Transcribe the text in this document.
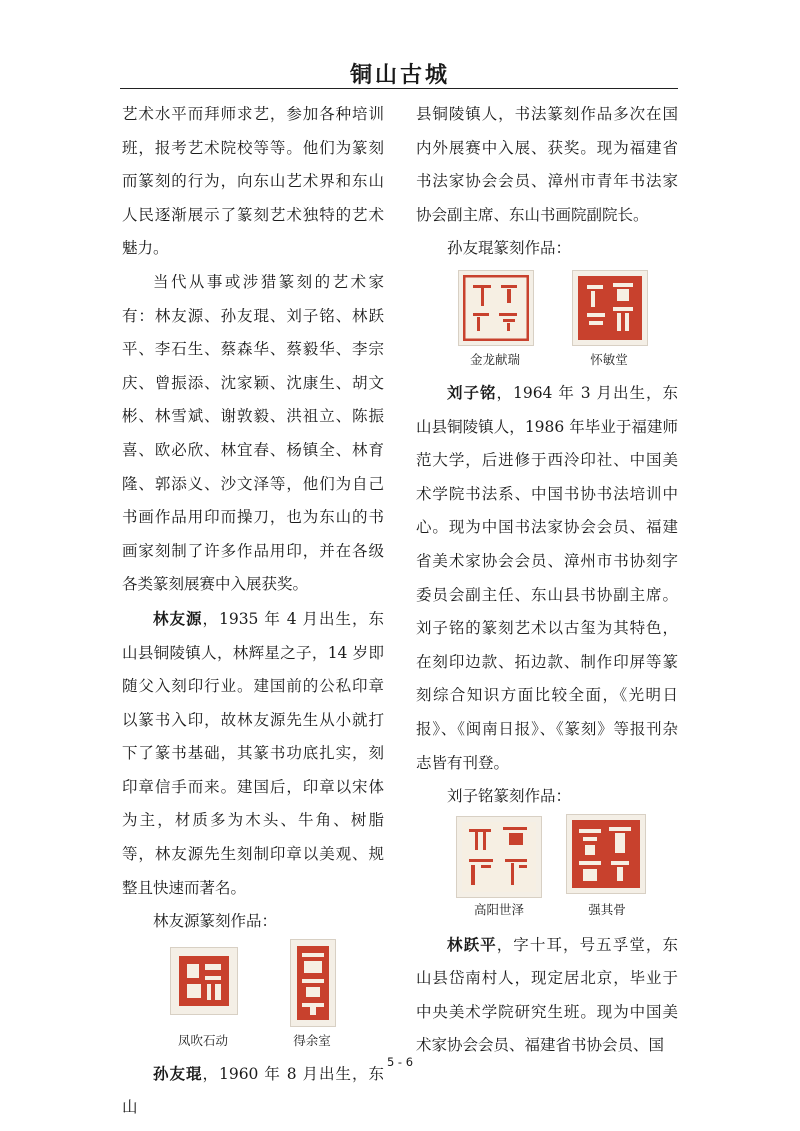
铜山古城

艺术水平而拜师求艺，参加各种培训班，报考艺术院校等等。他们为篆刻而篆刻的行为，向东山艺术界和东山人民逐渐展示了篆刻艺术独特的艺术魅力。

当代从事或涉猎篆刻的艺术家有：林友源、孙友琨、刘子铭、林跃平、李石生、蔡森华、蔡毅华、李宗庆、曾振添、沈家颖、沈康生、胡文彬、林雪斌、谢敦毅、洪祖立、陈振喜、欧必欣、林宜春、杨镇全、林育隆、郭添义、沙文泽等，他们为自己书画作品用印而操刀，也为东山的书画家刻制了许多作品用印，并在各级各类篆刻展赛中入展获奖。

林友源，1935 年 4 月出生，东山县铜陵镇人，林辉星之子，14 岁即随父入刻印行业。建国前的公私印章以篆书入印，故林友源先生从小就打下了篆书基础，其篆书功底扎实，刻印章信手而来。建国后，印章以宋体为主，材质多为木头、牛角、树脂等，林友源先生刻制印章以美观、规整且快速而著名。

林友源篆刻作品：

凤吹石动	得余室

孙友琨，1960 年 8 月出生，东山

县铜陵镇人，书法篆刻作品多次在国内外展赛中入展、获奖。现为福建省书法家协会会员、漳州市青年书法家协会副主席、东山书画院副院长。

孙友琨篆刻作品：

金龙献瑞	怀敏堂

刘子铭，1964 年 3 月出生，东山县铜陵镇人，1986 年毕业于福建师范大学，后进修于西泠印社、中国美术学院书法系、中国书协书法培训中心。现为中国书法家协会会员、福建省美术家协会会员、漳州市书协刻字委员会副主任、东山县书协副主席。刘子铭的篆刻艺术以古玺为其特色，在刻印边款、拓边款、制作印屏等篆刻综合知识方面比较全面，《光明日报》、《闽南日报》、《篆刻》等报刊杂志皆有刊登。

刘子铭篆刻作品：

高阳世泽	强其骨

林跃平，字十耳，号五孚堂，东山县岱南村人，现定居北京，毕业于中央美术学院研究生班。现为中国美术家协会会员、福建省书协会员、国

5 - 6
